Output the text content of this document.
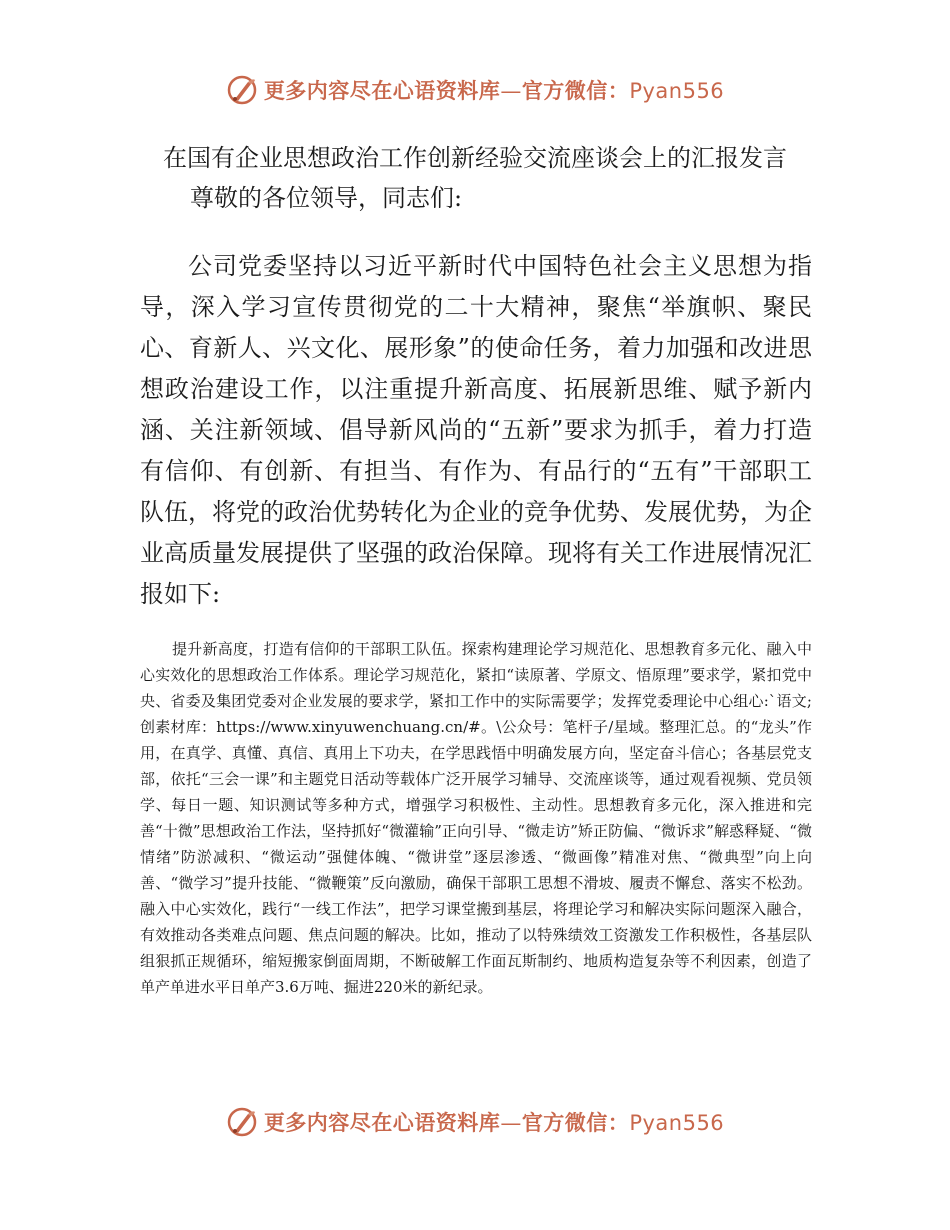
更多内容尽在心语资料库—官方微信：Pyan556
在国有企业思想政治工作创新经验交流座谈会上的汇报发言

尊敬的各位领导，同志们:

公司党委坚持以习近平新时代中国特色社会主义思想为指导，深入学习宣传贯彻党的二十大精神，聚焦“举旗帜、聚民心、育新人、兴文化、展形象”的使命任务，着力加强和改进思想政治建设工作，以注重提升新高度、拓展新思维、赋予新内涵、关注新领域、倡导新风尚的“五新”要求为抓手，着力打造有信仰、有创新、有担当、有作为、有品行的“五有”干部职工队伍，将党的政治优势转化为企业的竞争优势、发展优势，为企业高质量发展提供了坚强的政治保障。现将有关工作进展情况汇报如下:

提升新高度，打造有信仰的干部职工队伍。探索构建理论学习规范化、思想教育多元化、融入中心实效化的思想政治工作体系。理论学习规范化，紧扣“读原著、学原文、悟原理”要求学，紧扣党中央、省委及集团党委对企业发展的要求学，紧扣工作中的实际需要学；发挥党委理论中心组心:`语文;创素材库：https://www.xinyuwenchuang.cn/#。\公众号：笔杆子/星域。整理汇总。的“龙头”作用，在真学、真懂、真信、真用上下功夫，在学思践悟中明确发展方向，坚定奋斗信心；各基层党支部，依托“三会一课”和主题党日活动等载体广泛开展学习辅导、交流座谈等，通过观看视频、党员领学、每日一题、知识测试等多种方式，增强学习积极性、主动性。思想教育多元化，深入推进和完善“十微”思想政治工作法，坚持抓好“微灌输”正向引导、“微走访”矫正防偏、“微诉求”解惑释疑、“微情绪”防淤减积、“微运动”强健体魄、“微讲堂”逐层渗透、“微画像”精准对焦、“微典型”向上向善、“微学习”提升技能、“微鞭策”反向激励，确保干部职工思想不滑坡、履责不懈怠、落实不松劲。融入中心实效化，践行“一线工作法”，把学习课堂搬到基层，将理论学习和解决实际问题深入融合，有效推动各类难点问题、焦点问题的解决。比如，推动了以特殊绩效工资激发工作积极性，各基层队组狠抓正规循环，缩短搬家倒面周期，不断破解工作面瓦斯制约、地质构造复杂等不利因素，创造了单产单进水平日单产3.6万吨、掘进220米的新纪录。

更多内容尽在心语资料库—官方微信：Pyan556
